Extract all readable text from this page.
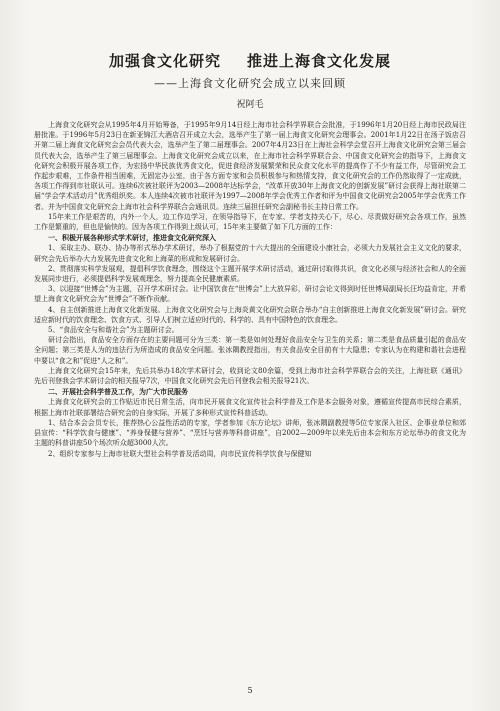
加强食文化研究 推进上海食文化发展

——上海食文化研究会成立以来回顾

祝阿毛

上海食文化研究会从1995年4月开始筹备，于1995年9月14日经上海市社会科学界联合会批准，于1996年1月20日经上海市民政局注册批准。于1996年5月23日在新亚锦江大酒店召开成立大会，选举产生了第一届上海食文化研究会理事会。2001年1月22日在汤子饭店召开第二届上海食文化研究会会员代表大会，选举产生了第二届理事会。2007年4月23日在上海社会科学会堂召开上海食文化研究会第三届会员代表大会，选举产生了第三届理事会。上海食文化研究会成立以来，在上海市社会科学界联合会、中国食文化研究会的指导下，上海食文化研究会积极开展各项工作，为宏扬中华民族优秀食文化，促进食经济发展繁荣和民众食文化水平的提高作了不少有益工作，尽管研究会工作起步艰难，工作条件相当困难，无固定办公室，由于各方面专家和会员积极参与和热情支持，食文化研究会的工作仍然取得了一定成就，各项工作得到市社联认可。连续6次被社联评为2003—2008年达标学会，“改革开放30年上海食文化的创新发展”研讨会获得上海社联第二届“学会学术活动月”优秀组织奖。本人连续4次被市社联评为1997—2008年学会优秀工作者和评为中国食文化研究会2005年学会优秀工作者。并为中国食文化研究会上海市社会科学界联合会通讯员。连续三届担任研究会副秘书长主持日常工作。

15年来工作是艰苦的，内外一个人，边工作边学习，在领导指导下，在专家、学者支持关心下，尽心、尽责做好研究会各项工作，虽然工作是繁重的，但也是愉快的。因为各项工作得到上级认可，15年来主要做了如下几方面的工作：

一、积极开展各种形式学术研讨，推进食文化研究深入

1、采取主办、联办、协办等形式举办学术研讨，举办了根据党的十六大提出的全面建设小康社会，必须大力发展社会主义文化的要求，研究会先后举办大力发展先进食文化和上海菜的形成和发展研讨会。

2、贯彻落实科学发展观，提倡科学饮食理念，围绕这个主题开展学术研讨活动，通过研讨取得共识，食文化必须与经济社会和人的全面发展同步进行，必须提倡科学发展观理念，努力提高全民健康素质。

3、以迎接“世博会”为主题，召开学术研讨会。让中国饮食在“世博会”上大放异彩，研讨会论文得到时任世博局副局长汪均益肯定，并希望上海食文化研究会为“世博会”不断作贡献。

4、自主创新推进上海食文化新发展。上海食文化研究会与上海炎黄文化研究会联合举办“自主创新推进上海食文化新发展”研讨会。研究适应新时代的饮食理念、饮食方式、引导人们树立适应时代的、科学的、具有中国特色的饮食理念。

5、“食品安全与和谐社会”为主题研讨会。

研讨会指出，食品安全方面存在的主要问题可分为三类：第一类是如何处理好食品安全与卫生的关系；第二类是食品质量引起的食品安全问题；第三类是人为的违法行为所造成的食品安全问题。张冰隅教授指出，有关食品安全目前有十大隐患；专家认为在构建和谐社会进程中要以“食之和”促进“人之和”。

上海食文化研究会15年来，先后共举办18次学术研讨会，收到论文80余篇，受到上海市社会科学界联合会的关注，上海社联《通讯》先后刊登我会学术研讨会的相关报导7次，中国食文化研究会先后刊登我会相关报导21次。

二、开展社会科学普及工作，为广大市民服务

上海食文化研究会的工作贴近市民日常生活，向市民开展食文化宣传社会科学普及工作是本会服务对象，遵循宣传提高市民综合素质，根据上海市社联部署结合研究会的自身实际，开展了多种形式宣传科普活动。

1、结合本会会员专长，推荐热心公益性活动的专家，学者参加《东方论坛》讲师，张冰隅副教授等5位专家深入社区、企事业单位和郊县宣传：“科学饮食与健康”、“养身保健与营养”、“烹饪与营养等科普讲座”，自2002—2009年以来先后由本会和东方论坛举办的食文化为主题的科普讲座50个场次听众超3000人次。

2、组织专家参与上海市社联大型社会科学普及活动周，向市民宣传科学饮食与保健知

5
